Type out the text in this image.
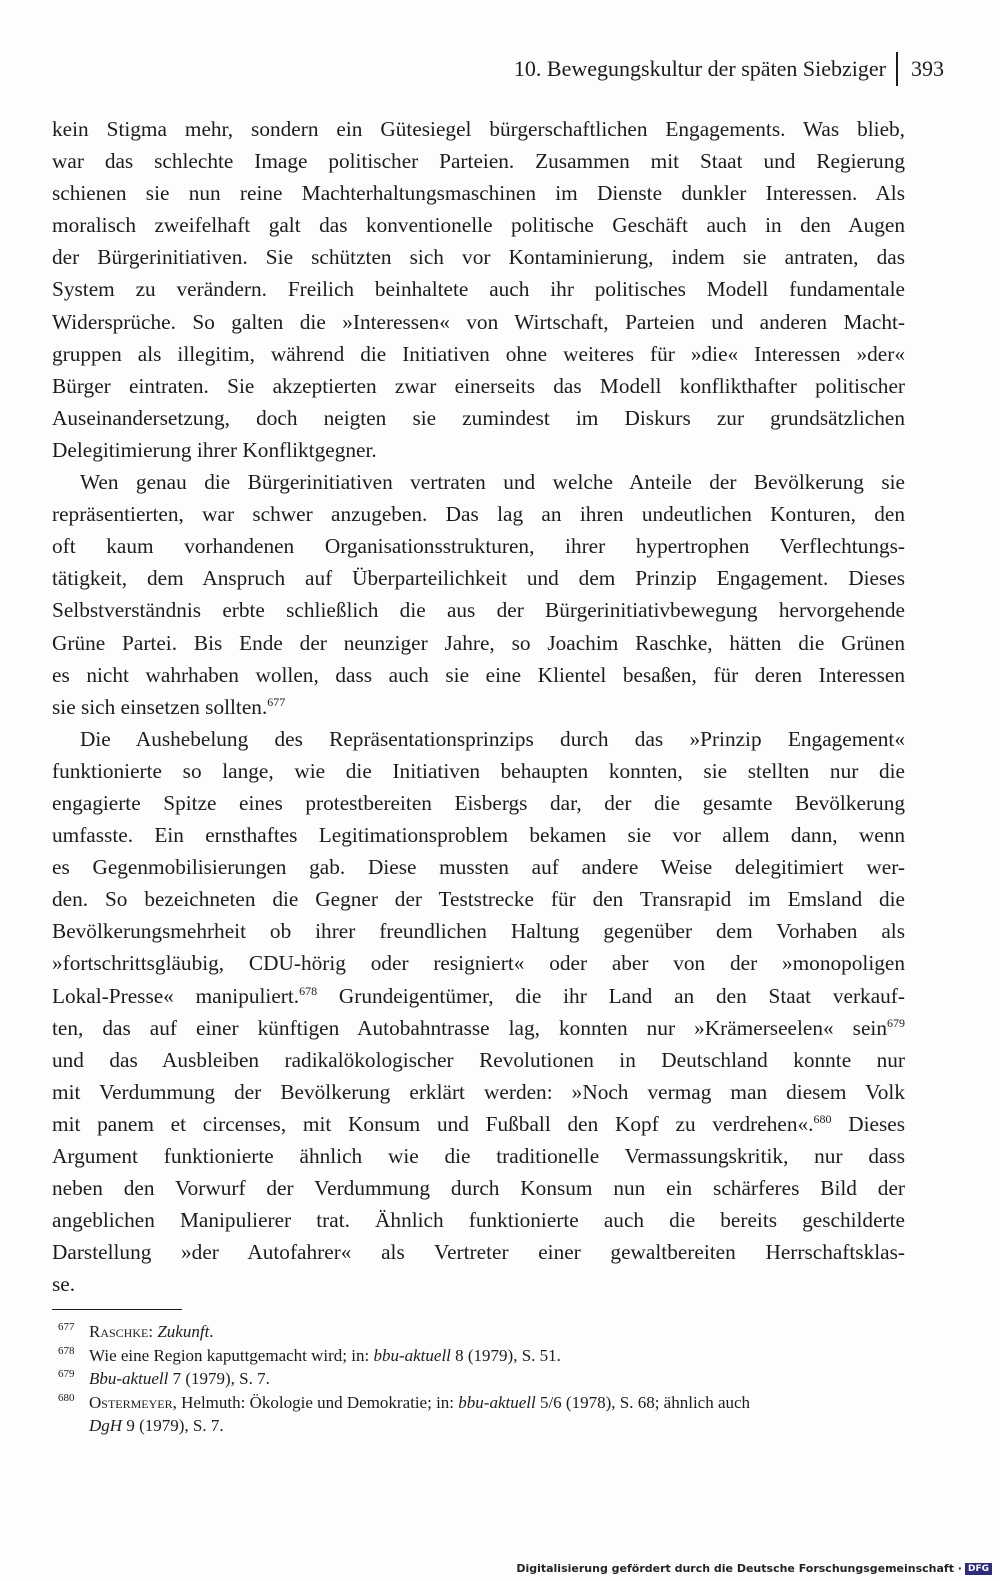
10. Bewegungskultur der späten Siebziger 393

kein Stigma mehr, sondern ein Gütesiegel bürgerschaftlichen Engagements. Was blieb,
war das schlechte Image politischer Parteien. Zusammen mit Staat und Regierung
schienen sie nun reine Machterhaltungsmaschinen im Dienste dunkler Interessen. Als
moralisch zweifelhaft galt das konventionelle politische Geschäft auch in den Augen
der Bürgerinitiativen. Sie schützten sich vor Kontaminierung, indem sie antraten, das
System zu verändern. Freilich beinhaltete auch ihr politisches Modell fundamentale
Widersprüche. So galten die »Interessen« von Wirtschaft, Parteien und anderen Macht-
gruppen als illegitim, während die Initiativen ohne weiteres für »die« Interessen »der«
Bürger eintraten. Sie akzeptierten zwar einerseits das Modell konflikthafter politischer
Auseinandersetzung, doch neigten sie zumindest im Diskurs zur grundsätzlichen
Delegitimierung ihrer Konfliktgegner.

Wen genau die Bürgerinitiativen vertraten und welche Anteile der Bevölkerung sie
repräsentierten, war schwer anzugeben. Das lag an ihren undeutlichen Konturen, den
oft kaum vorhandenen Organisationsstrukturen, ihrer hypertrophen Verflechtungs-
tätigkeit, dem Anspruch auf Überparteilichkeit und dem Prinzip Engagement. Dieses
Selbstverständnis erbte schließlich die aus der Bürgerinitiativbewegung hervorgehende
Grüne Partei. Bis Ende der neunziger Jahre, so Joachim Raschke, hätten die Grünen
es nicht wahrhaben wollen, dass auch sie eine Klientel besaßen, für deren Interessen
sie sich einsetzen sollten.$^{677}$

Die Aushebelung des Repräsentationsprinzips durch das »Prinzip Engagement«
funktionierte so lange, wie die Initiativen behaupten konnten, sie stellten nur die
engagierte Spitze eines protestbereiten Eisbergs dar, der die gesamte Bevölkerung
umfasste. Ein ernsthaftes Legitimationsproblem bekamen sie vor allem dann, wenn
es Gegenmobilisierungen gab. Diese mussten auf andere Weise delegitimiert wer-
den. So bezeichneten die Gegner der Teststrecke für den Transrapid im Emsland die
Bevölkerungsmehrheit ob ihrer freundlichen Haltung gegenüber dem Vorhaben als
»fortschrittsgläubig, CDU-hörig oder resigniert« oder aber von der »monopoligen
Lokal-Presse« manipuliert.$^{678}$ Grundeigentümer, die ihr Land an den Staat verkauf-
ten, das auf einer künftigen Autobahntrasse lag, konnten nur »Krämerseelen« sein$^{679}$
und das Ausbleiben radikalökologischer Revolutionen in Deutschland konnte nur
mit Verdummung der Bevölkerung erklärt werden: »Noch vermag man diesem Volk
mit panem et circenses, mit Konsum und Fußball den Kopf zu verdrehen«.$^{680}$ Dieses
Argument funktionierte ähnlich wie die traditionelle Vermassungskritik, nur dass
neben den Vorwurf der Verdummung durch Konsum nun ein schärferes Bild der
angeblichen Manipulierer trat. Ähnlich funktionierte auch die bereits geschilderte
Darstellung »der Autofahrer« als Vertreter einer gewaltbereiten Herrschaftsklas-
se.

677 Raschke: Zukunft.
678 Wie eine Region kaputtgemacht wird; in: bbu-aktuell 8 (1979), S. 51.
679 Bbu-aktuell 7 (1979), S. 7.
680 Ostermeyer, Helmuth: Ökologie und Demokratie; in: bbu-aktuell 5/6 (1978), S. 68; ähnlich auch
DgH 9 (1979), S. 7.
Digitalisierung gefördert durch die Deutsche Forschungsgemeinschaft · DFG
